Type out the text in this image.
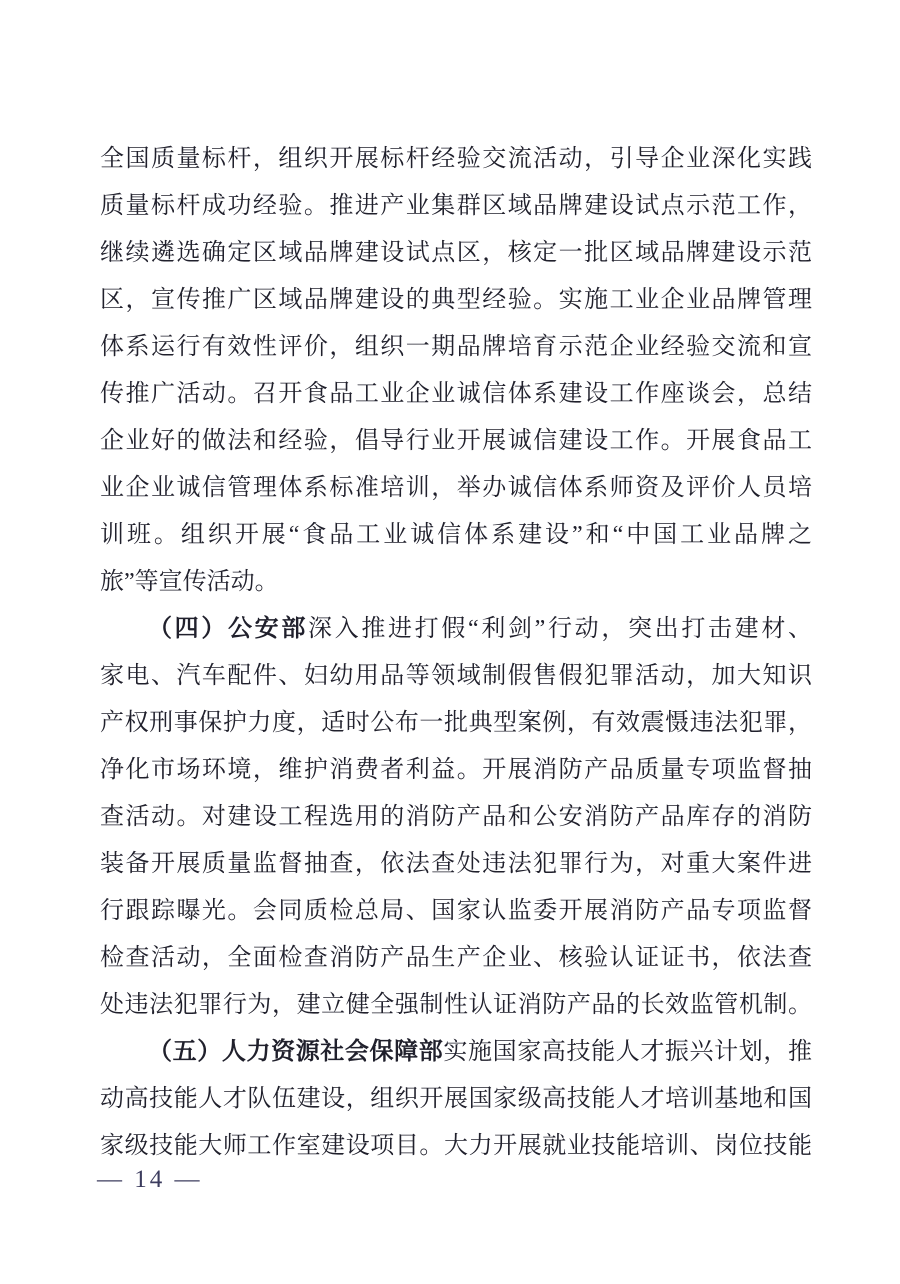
全国质量标杆，组织开展标杆经验交流活动，引导企业深化实践
质量标杆成功经验。推进产业集群区域品牌建设试点示范工作，
继续遴选确定区域品牌建设试点区，核定一批区域品牌建设示范
区，宣传推广区域品牌建设的典型经验。实施工业企业品牌管理
体系运行有效性评价，组织一期品牌培育示范企业经验交流和宣
传推广活动。召开食品工业企业诚信体系建设工作座谈会，总结
企业好的做法和经验，倡导行业开展诚信建设工作。开展食品工
业企业诚信管理体系标准培训，举办诚信体系师资及评价人员培
训班。组织开展“食品工业诚信体系建设”和“中国工业品牌之
旅”等宣传活动。
（四）公安部深入推进打假“利剑”行动，突出打击建材、
家电、汽车配件、妇幼用品等领域制假售假犯罪活动，加大知识
产权刑事保护力度，适时公布一批典型案例，有效震慑违法犯罪，
净化市场环境，维护消费者利益。开展消防产品质量专项监督抽
查活动。对建设工程选用的消防产品和公安消防产品库存的消防
装备开展质量监督抽查，依法查处违法犯罪行为，对重大案件进
行跟踪曝光。会同质检总局、国家认监委开展消防产品专项监督
检查活动，全面检查消防产品生产企业、核验认证证书，依法查
处违法犯罪行为，建立健全强制性认证消防产品的长效监管机制。
（五）人力资源社会保障部实施国家高技能人才振兴计划，推
动高技能人才队伍建设，组织开展国家级高技能人才培训基地和国
家级技能大师工作室建设项目。大力开展就业技能培训、岗位技能
— 14 —
